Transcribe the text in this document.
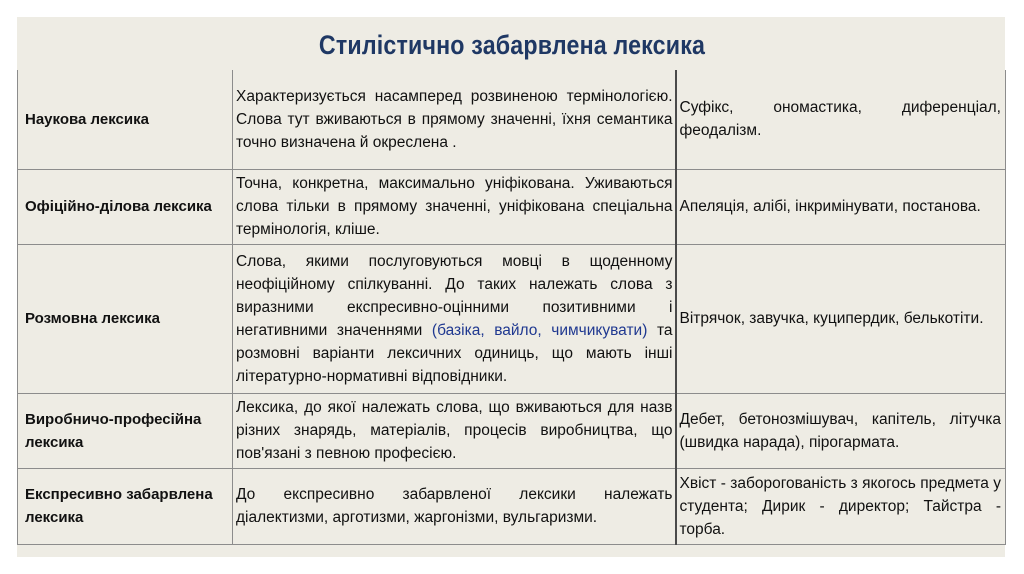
Стилістично забарвлена лексика
Наукова лексика	Характеризується насамперед розвиненою термінологією. Слова тут вживаються в прямому значенні, їхня семантика точно визначена й окреслена .	Суфікс, ономастика, диференціал, феодалізм.
Офіційно-ділова лексика	Точна, конкретна, максимально уніфікована. Уживаються слова тільки в прямому значенні, уніфікована спеціальна термінологія, кліше.	Апеляція, алібі, інкримінувати, постанова.
Розмовна лексика	Слова, якими послуговуються мовці в щоденному неофіційному спілкуванні. До таких належать слова з виразними експресивно-оцінними позитивними і негативними значеннями (базіка, вайло, чимчикувати) та розмовні варіанти лексичних одиниць, що мають інші літературно-нормативні відповідники.	Вітрячок, завучка, куципердик, белькотіти.
Виробничо-професійна лексика	Лексика, до якої належать слова, що вживаються для назв різних знарядь, матеріалів, процесів виробництва, що пов'язані з певною професією.	Дебет, бетонозмішувач, капітель, літучка (швидка нарада), пірогармата.
Експресивно забарвлена лексика	До експресивно забарвленої лексики належать діалектизми, арготизми, жаргонізми, вульгаризми.	Хвіст - заборогованість з якогось предмета у студента; Дирик - директор; Тайстра - торба.
